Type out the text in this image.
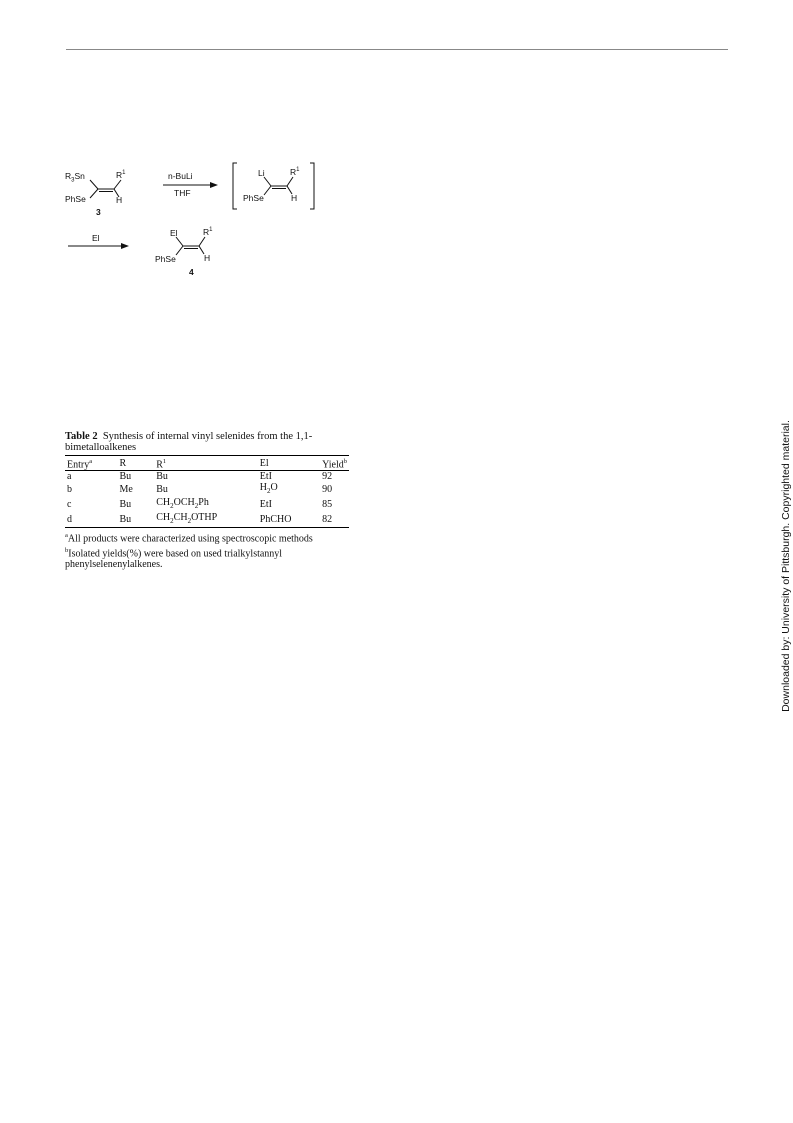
$R_3Sn$	$R^1$
PhSe	H
3
n-BuLi
THF
Li	$R^1$
PhSe	H
El	El	$R^1$
PhSe	H
4

Table 2 Synthesis of internal vinyl selenides from the 1,1-bimetalloalkenes

Entry$^a$	R	$R^1$	El	Yield$^b$
a	Bu	Bu	EtI	92
b	Me	Bu	$H_2O$	90
c	Bu	$CH_2OCH_2Ph$	EtI	85
d	Bu	$CH_2CH_2OTHP$	PhCHO	82

$^a$All products were characterized using spectroscopic methods

$^b$Isolated yields(%) were based on used trialkylstannyl phenylselenenylalkenes.	Downloaded by: University of Pittsburgh. Copyrighted material.
